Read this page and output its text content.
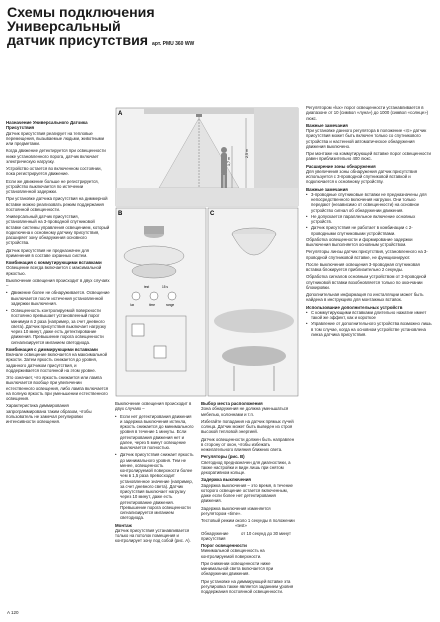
Схемы подключения
Универсальный
датчик присутствия арт. PMU 360 WW
Назначение Универсального Датчика Присутствия

Датчик присутствия реагирует на тепловые перемещения, вызываемые людьми, животными или предметами.

Когда движение детектируется при освещенности ниже установленного порога, датчик включает электрическую нагрузку.

Устройство остается во включенном состоянии, пока регистрируется движение.

Если же движение больше не регистрируется, устройство выключается по истечении установленной задержки.

При установке датчика присутствия на диммерной вставке можно реализовать режим поддержания постоянной освещенности.

Универсальный датчик присутствия, установленный на 3-проводной спутниковой вставке системы управления освещением, который подключена к основному датчику присутствия, расширяет зону обнаружения основного устройства.

Датчик присутствия не предназначен для применения в составе охранных систем.

Комбинация с коммутирующими вставками

Освещение всегда включается с максимальной яркостью.

Выключение освещения происходит в двух случаях –

• Движение более не обнаруживается. Освещение выключается после истечения установленной задержки выключения.

• Освещенность контролируемой поверхности постоянно превышает установленный порог минимум в 2 раза (например, за счет дневного света). Датчик присутствия выключает нагрузку через 10 минут, даже есть детектирование движения. Превышение порога освещенности сигнализируется миганием светодиода.

Комбинация с диммирующими вставками

Вначале освещение включается на максимальной яркости. Затем яркость снижается до уровня, заданного датчиком присутствия, и поддерживается постоянной на этом уровне.

Это означает, что яркость снижается или лампа выключается вообще при увеличении естественного освещения, либо лампа включается на полную яркость при уменьшении естественного освещения.

Характеристика диммирования запрограммирована таким образом, чтобы пользователь не замечал регулировки интенсивности освещения.

A
1,7 m
2,5 m
B
lux	time	range
test	15 s
C

Выключение освещения происходит в двух случаях –

• Если нет детектирования движения и задержка выключения истекла, яркость снижается до минимального уровня в течение 1 минуты. Если детектирования движения нет и далее, через 5 минут освещение выключается полностью.

• Датчик присутствия снижает яркость до минимального уровня. Тем не менее, освещенность контролируемой поверхности более чем в 1,5 раза превосходит установленное значение (например, за счет дневного света). Датчик присутствия выключает нагрузку через 10 минут, даже есть детектирование движения. Превышение порога освещенности сигнализируется миганием светодиода.

Монтаж

Датчик присутствия устанавливается только на потолок помещения и контролирует зону под собой (рис. A).

Выбор места расположения

Зона обнаружения не должна уменьшаться мебелью, колоннами и т.п.

Избегайте попадания на датчик прямых лучей солнца. Датчик может быть выведен из строя высокой тепловой энергией.

Датчик освещенности должен быть направлен в сторону от окон, чтобы избежать нежелательного влияния ближних света.

Регуляторы (рис. B)

Светодиод предназначен для диагностики, а также настройки и видн лишь при снятом декоративном кольце.

Задержка выключения

Задержка выключения – это время, в течение которого освещение остается включенным, даже если более нет детектирования движения.

Задержка выключения изменяется регулятором «time».

Тестовый режим около 1 секунды в положении «test»

Обнаружение присутствия
от 10 секунд до 30 минут

Порог освещенности

Минимальной освещенность на контролируемой поверхности.

При снижении освещенности ниже минимальной света включается при обнаружении движения.

При установке на диммирующей вставке эта регулировка также является заданием уровня поддержания постоянной освещенности.

Регулятором «lux» порог освещенности устанавливается в диапазоне от 10 (символ «луна») до 1000 (символ «солнце») люкс.

Важные замечания

При установке данного регулятора в положение «⊙» датчик присутствия может быть включен только со спутникового устройства и настенной автоматическое обнаружения движения выключено.

При монтаже на коммутирующей вставке порог освещенности равен приблизительно 400 люкс.

Расширение зоны обнаружения

Для увеличения зоны обнаружения датчик присутствия используется с 3-проводной спутниковой вставкой и подключается к основному устройству.

Важные замечания

• 3-проводные спутниковые вставки не предназначены для непосредственного включения нагрузки. Они только передают (независимо от освещенности) на основное устройство сигнал об обнаружении движения.

• Не допускается параллельное включение основных устройств.

• Датчик присутствия не работает в комбинации с 2-проводными спутниковыми устройствами.

Обработка освещенности и формирование задержки выключения выполняется основным устройством.

Регуляторы линзы датчик присутствия, установленного на 3-проводной спутниковой вставке, не функционируют.

После выключения освещения 3-проводная спутниковая вставка блокируется приблизительно 2 секунды.

Обработка сигналов основным устройством от 3-проводной спутниковой вставки возобновляется только по окончании блокировки.

Дополнительная информация по инсталляции может быть найдена в инструкциях для монтажных вставок.

Использование дополнительных устройств

• С коммутирующими вставками длительно нажатие имеет такой же эффект, как и короткое

• Управление от дополнительного устройства возможно лишь в том случае, когда на основном устройстве установлена линза датчика присутствия.

A 120
